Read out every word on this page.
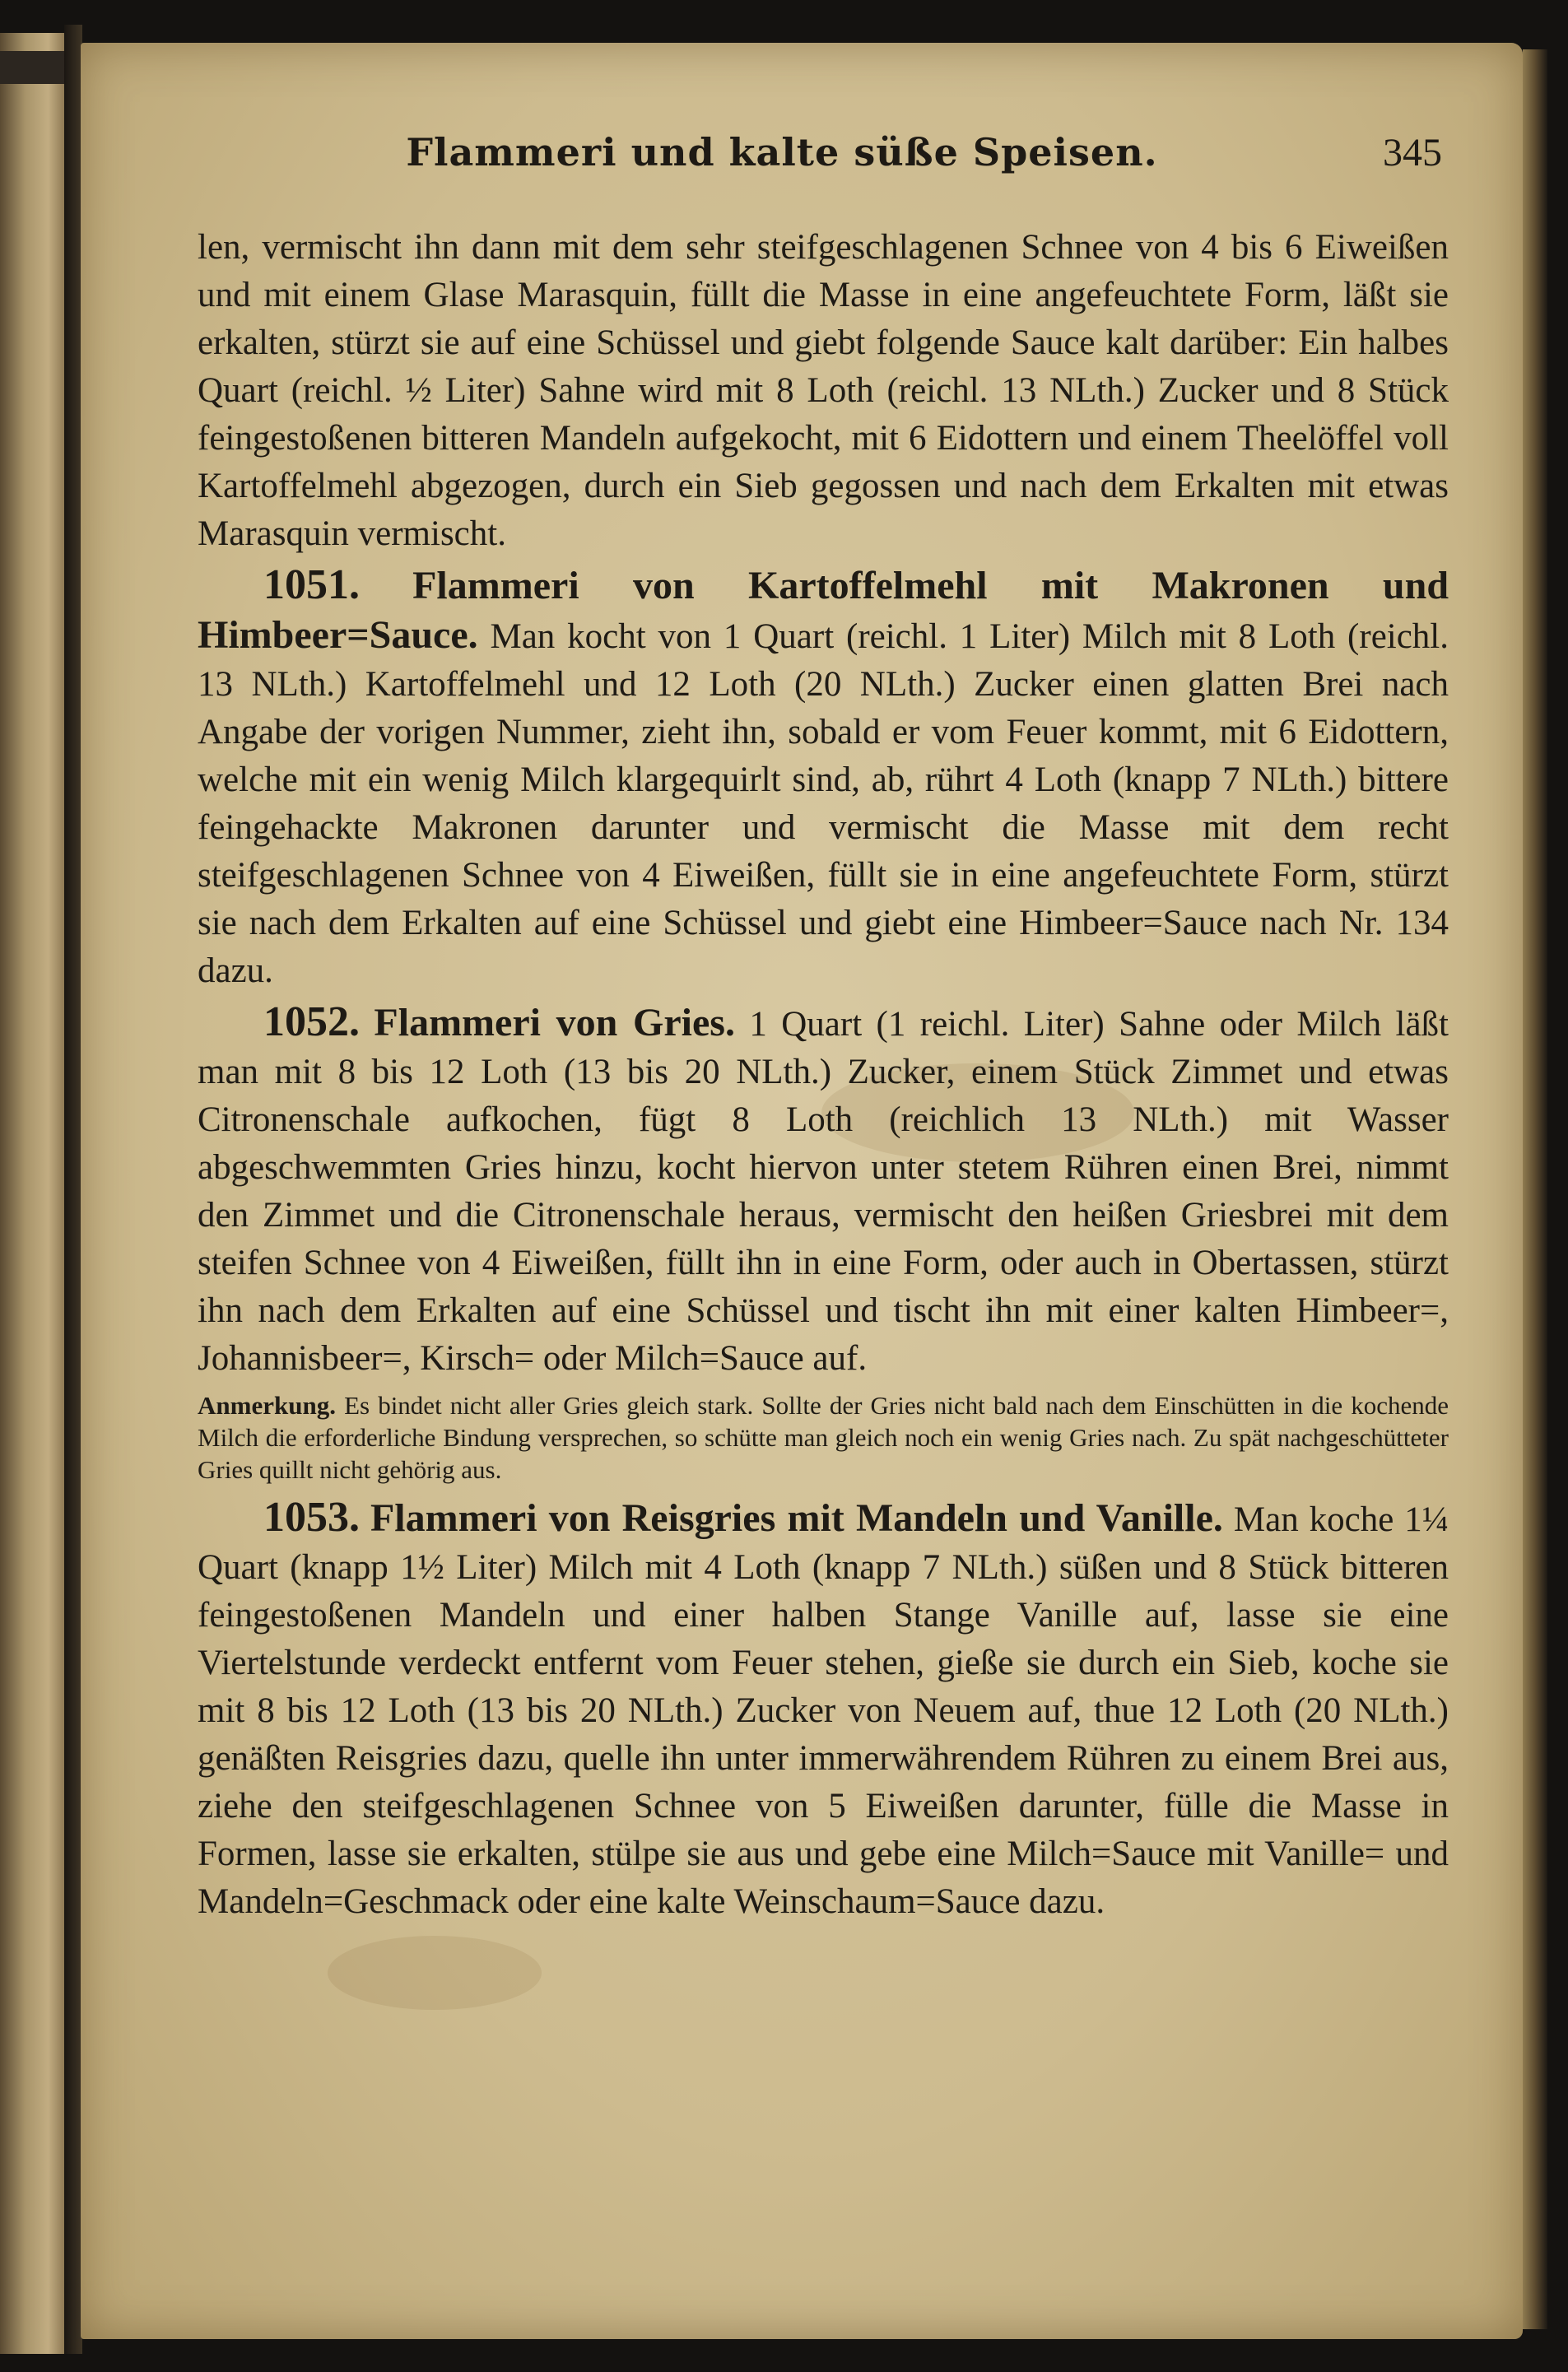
Flammeri und kalte süße Speisen.	345

len, vermischt ihn dann mit dem sehr steifgeschlagenen Schnee von 4 bis 6 Eiweißen und mit einem Glase Marasquin, füllt die Masse in eine angefeuchtete Form, läßt sie erkalten, stürzt sie auf eine Schüssel und giebt folgende Sauce kalt darüber: Ein halbes Quart (reichl. ½ Liter) Sahne wird mit 8 Loth (reichl. 13 NLth.) Zucker und 8 Stück feingestoßenen bitteren Mandeln aufgekocht, mit 6 Eidottern und einem Theelöffel voll Kartoffelmehl abgezogen, durch ein Sieb gegossen und nach dem Erkalten mit etwas Marasquin vermischt.

1051. Flammeri von Kartoffelmehl mit Makronen und Himbeer=Sauce. Man kocht von 1 Quart (reichl. 1 Liter) Milch mit 8 Loth (reichl. 13 NLth.) Kartoffelmehl und 12 Loth (20 NLth.) Zucker einen glatten Brei nach Angabe der vorigen Nummer, zieht ihn, sobald er vom Feuer kommt, mit 6 Eidottern, welche mit ein wenig Milch klargequirlt sind, ab, rührt 4 Loth (knapp 7 NLth.) bittere feingehackte Makronen darunter und vermischt die Masse mit dem recht steifgeschlagenen Schnee von 4 Eiweißen, füllt sie in eine angefeuchtete Form, stürzt sie nach dem Erkalten auf eine Schüssel und giebt eine Himbeer=Sauce nach Nr. 134 dazu.

1052. Flammeri von Gries. 1 Quart (1 reichl. Liter) Sahne oder Milch läßt man mit 8 bis 12 Loth (13 bis 20 NLth.) Zucker, einem Stück Zimmet und etwas Citronenschale aufkochen, fügt 8 Loth (reichlich 13 NLth.) mit Wasser abgeschwemmten Gries hinzu, kocht hiervon unter stetem Rühren einen Brei, nimmt den Zimmet und die Citronenschale heraus, vermischt den heißen Griesbrei mit dem steifen Schnee von 4 Eiweißen, füllt ihn in eine Form, oder auch in Obertassen, stürzt ihn nach dem Erkalten auf eine Schüssel und tischt ihn mit einer kalten Himbeer=, Johannisbeer=, Kirsch= oder Milch=Sauce auf.

Anmerkung. Es bindet nicht aller Gries gleich stark. Sollte der Gries nicht bald nach dem Einschütten in die kochende Milch die erforderliche Bindung versprechen, so schütte man gleich noch ein wenig Gries nach. Zu spät nachgeschütteter Gries quillt nicht gehörig aus.

1053. Flammeri von Reisgries mit Mandeln und Vanille. Man koche 1¼ Quart (knapp 1½ Liter) Milch mit 4 Loth (knapp 7 NLth.) süßen und 8 Stück bitteren feingestoßenen Mandeln und einer halben Stange Vanille auf, lasse sie eine Viertelstunde verdeckt entfernt vom Feuer stehen, gieße sie durch ein Sieb, koche sie mit 8 bis 12 Loth (13 bis 20 NLth.) Zucker von Neuem auf, thue 12 Loth (20 NLth.) genäßten Reisgries dazu, quelle ihn unter immerwährendem Rühren zu einem Brei aus, ziehe den steifgeschlagenen Schnee von 5 Eiweißen darunter, fülle die Masse in Formen, lasse sie erkalten, stülpe sie aus und gebe eine Milch=Sauce mit Vanille= und Mandeln=Geschmack oder eine kalte Weinschaum=Sauce dazu.
